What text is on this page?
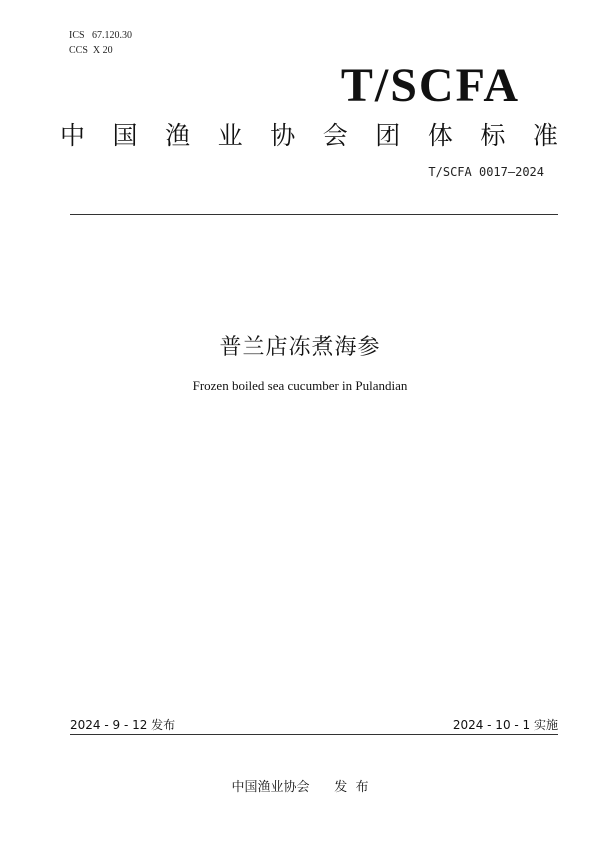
ICS   67.120.30
CCS  X 20
T/SCFA
中 国 渔 业 协 会 团 体 标 准
T/SCFA 0017—2024
普兰店冻煮海参
Frozen boiled sea cucumber in Pulandian
2024 - 9 - 12 发布	2024 - 10 - 1 实施
中国渔业协会      发  布
